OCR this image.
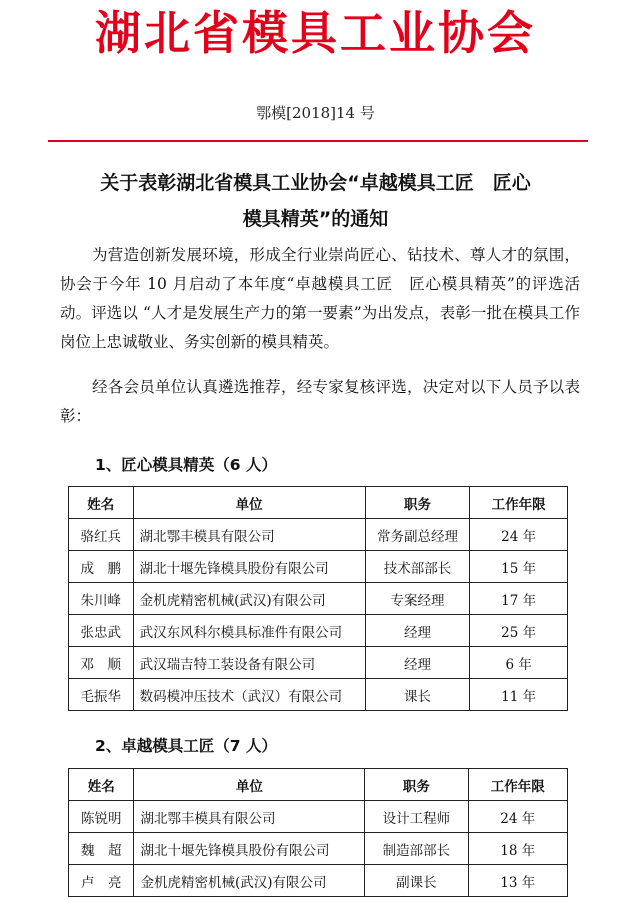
湖北省模具工业协会
鄂模[2018]14 号
关于表彰湖北省模具工业协会“卓越模具工匠　匠心
模具精英”的通知

为营造创新发展环境，形成全行业崇尚匠心、钻技术、尊人才的氛围，协会于今年 10 月启动了本年度“卓越模具工匠　匠心模具精英”的评选活动。评选以 “人才是发展生产力的第一要素”为出发点，表彰一批在模具工作岗位上忠诚敬业、务实创新的模具精英。

经各会员单位认真遴选推荐，经专家复核评选，决定对以下人员予以表彰：

1、匠心模具精英（6 人）
姓名	单位	职务	工作年限
骆红兵	湖北鄂丰模具有限公司	常务副总经理	24 年
成　鹏	湖北十堰先锋模具股份有限公司	技术部部长	15 年
朱川峰	金机虎精密机械(武汉)有限公司	专案经理	17 年
张忠武	武汉东风科尔模具标准件有限公司	经理	25 年
邓　顺	武汉瑞吉特工装设备有限公司	经理	6 年
毛振华	数码模冲压技术（武汉）有限公司	课长	11 年
2、卓越模具工匠（7 人）
姓名	单位	职务	工作年限
陈锐明	湖北鄂丰模具有限公司	设计工程师	24 年
魏　超	湖北十堰先锋模具股份有限公司	制造部部长	18 年
卢　亮	金机虎精密机械(武汉)有限公司	副课长	13 年
